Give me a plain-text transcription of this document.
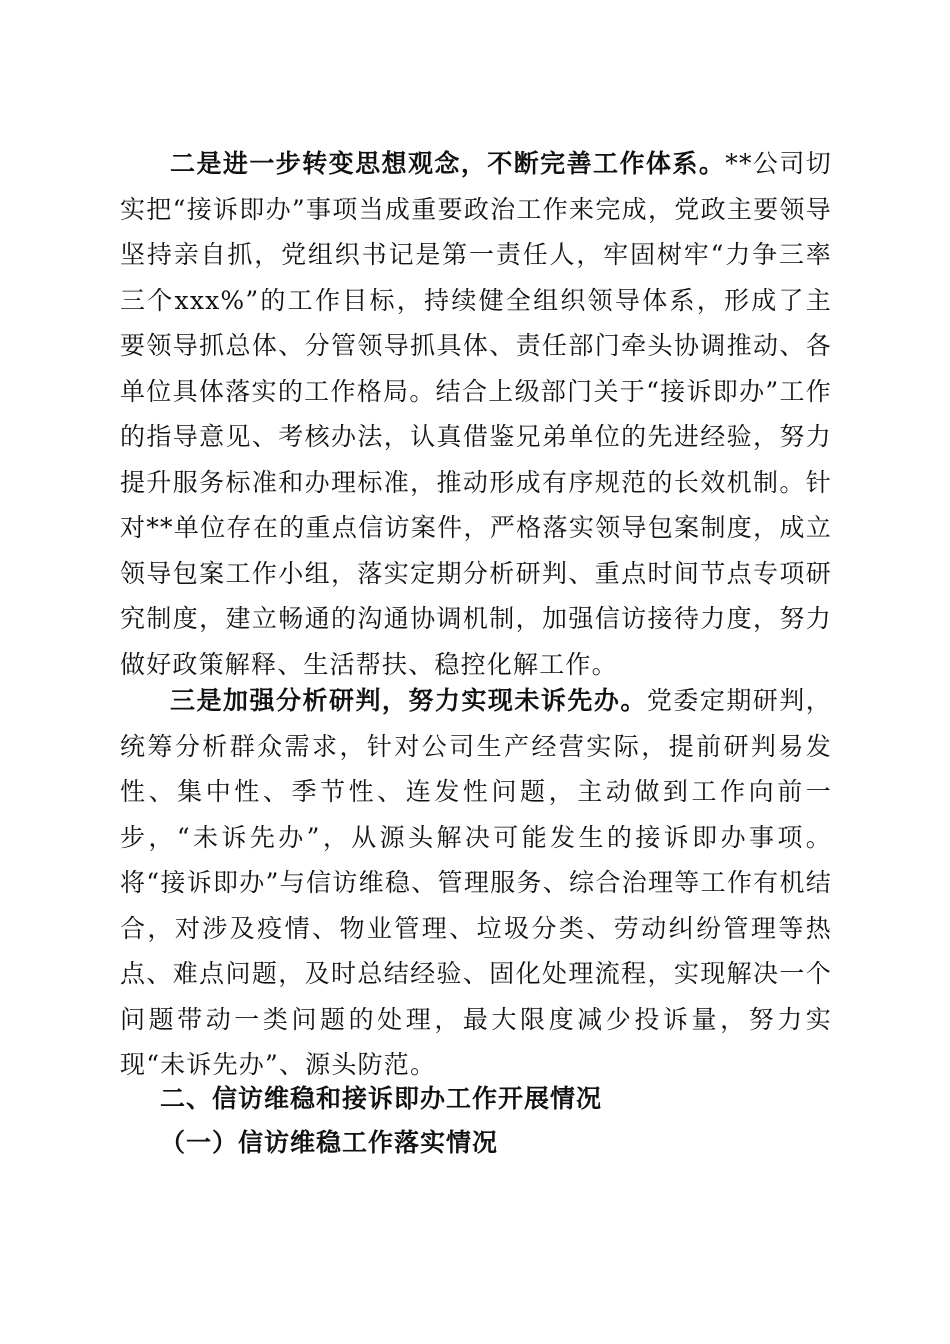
二是进一步转变思想观念，不断完善工作体系。**公司切实把“接诉即办”事项当成重要政治工作来完成，党政主要领导坚持亲自抓，党组织书记是第一责任人，牢固树牢“力争三率三个xxx%”的工作目标，持续健全组织领导体系，形成了主要领导抓总体、分管领导抓具体、责任部门牵头协调推动、各单位具体落实的工作格局。结合上级部门关于“接诉即办”工作的指导意见、考核办法，认真借鉴兄弟单位的先进经验，努力提升服务标准和办理标准，推动形成有序规范的长效机制。针对**单位存在的重点信访案件，严格落实领导包案制度，成立领导包案工作小组，落实定期分析研判、重点时间节点专项研究制度，建立畅通的沟通协调机制，加强信访接待力度，努力做好政策解释、生活帮扶、稳控化解工作。

三是加强分析研判，努力实现未诉先办。党委定期研判，统筹分析群众需求，针对公司生产经营实际，提前研判易发性、集中性、季节性、连发性问题，主动做到工作向前一步，“未诉先办”，从源头解决可能发生的接诉即办事项。将“接诉即办”与信访维稳、管理服务、综合治理等工作有机结合，对涉及疫情、物业管理、垃圾分类、劳动纠纷管理等热点、难点问题，及时总结经验、固化处理流程，实现解决一个问题带动一类问题的处理，最大限度减少投诉量，努力实现“未诉先办”、源头防范。

二、信访维稳和接诉即办工作开展情况
（一）信访维稳工作落实情况
